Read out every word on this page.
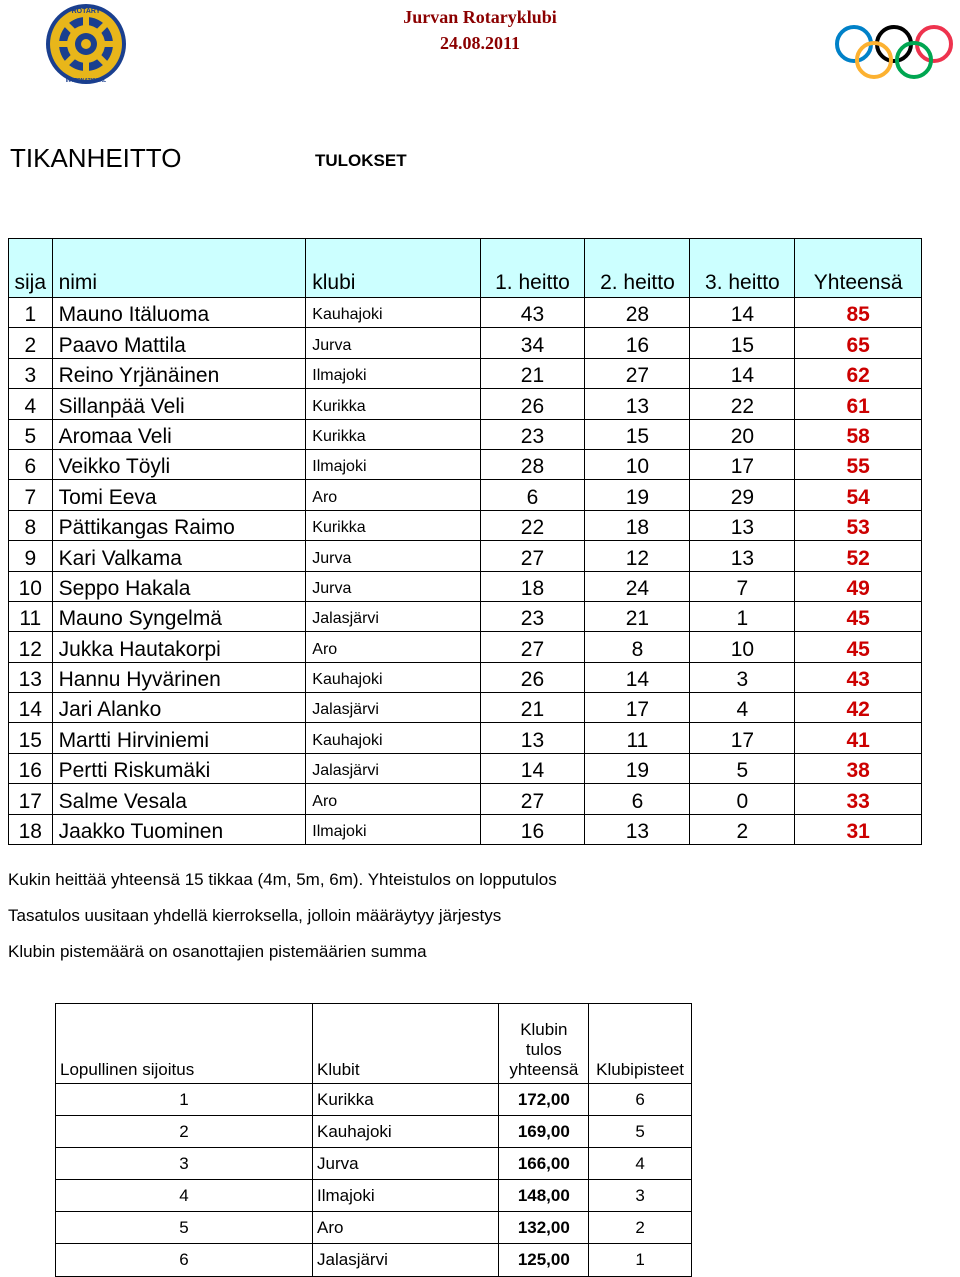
Jurvan Rotaryklubi
24.08.2011
ROTARY
INTERNATIONAL
TIKANHEITTO	TULOKSET
sija	nimi	klubi	1. heitto	2. heitto	3. heitto	Yhteensä
1	Mauno Itäluoma	Kauhajoki	43	28	14	85
2	Paavo Mattila	Jurva	34	16	15	65
3	Reino Yrjänäinen	Ilmajoki	21	27	14	62
4	Sillanpää Veli	Kurikka	26	13	22	61
5	Aromaa Veli	Kurikka	23	15	20	58
6	Veikko Töyli	Ilmajoki	28	10	17	55
7	Tomi Eeva	Aro	6	19	29	54
8	Pättikangas Raimo	Kurikka	22	18	13	53
9	Kari Valkama	Jurva	27	12	13	52
10	Seppo Hakala	Jurva	18	24	7	49
11	Mauno Syngelmä	Jalasjärvi	23	21	1	45
12	Jukka Hautakorpi	Aro	27	8	10	45
13	Hannu Hyvärinen	Kauhajoki	26	14	3	43
14	Jari Alanko	Jalasjärvi	21	17	4	42
15	Martti Hirviniemi	Kauhajoki	13	11	17	41
16	Pertti Riskumäki	Jalasjärvi	14	19	5	38
17	Salme Vesala	Aro	27	6	0	33
18	Jaakko Tuominen	Ilmajoki	16	13	2	31
Kukin heittää yhteensä 15 tikkaa (4m, 5m, 6m). Yhteistulos on lopputulos
Tasatulos uusitaan yhdellä kierroksella, jolloin määräytyy järjestys
Klubin pistemäärä on osanottajien pistemäärien summa
Lopullinen sijoitus	Klubit	Klubin tulos yhteensä	Klubipisteet
1	Kurikka	172,00	6
2	Kauhajoki	169,00	5
3	Jurva	166,00	4
4	Ilmajoki	148,00	3
5	Aro	132,00	2
6	Jalasjärvi	125,00	1
